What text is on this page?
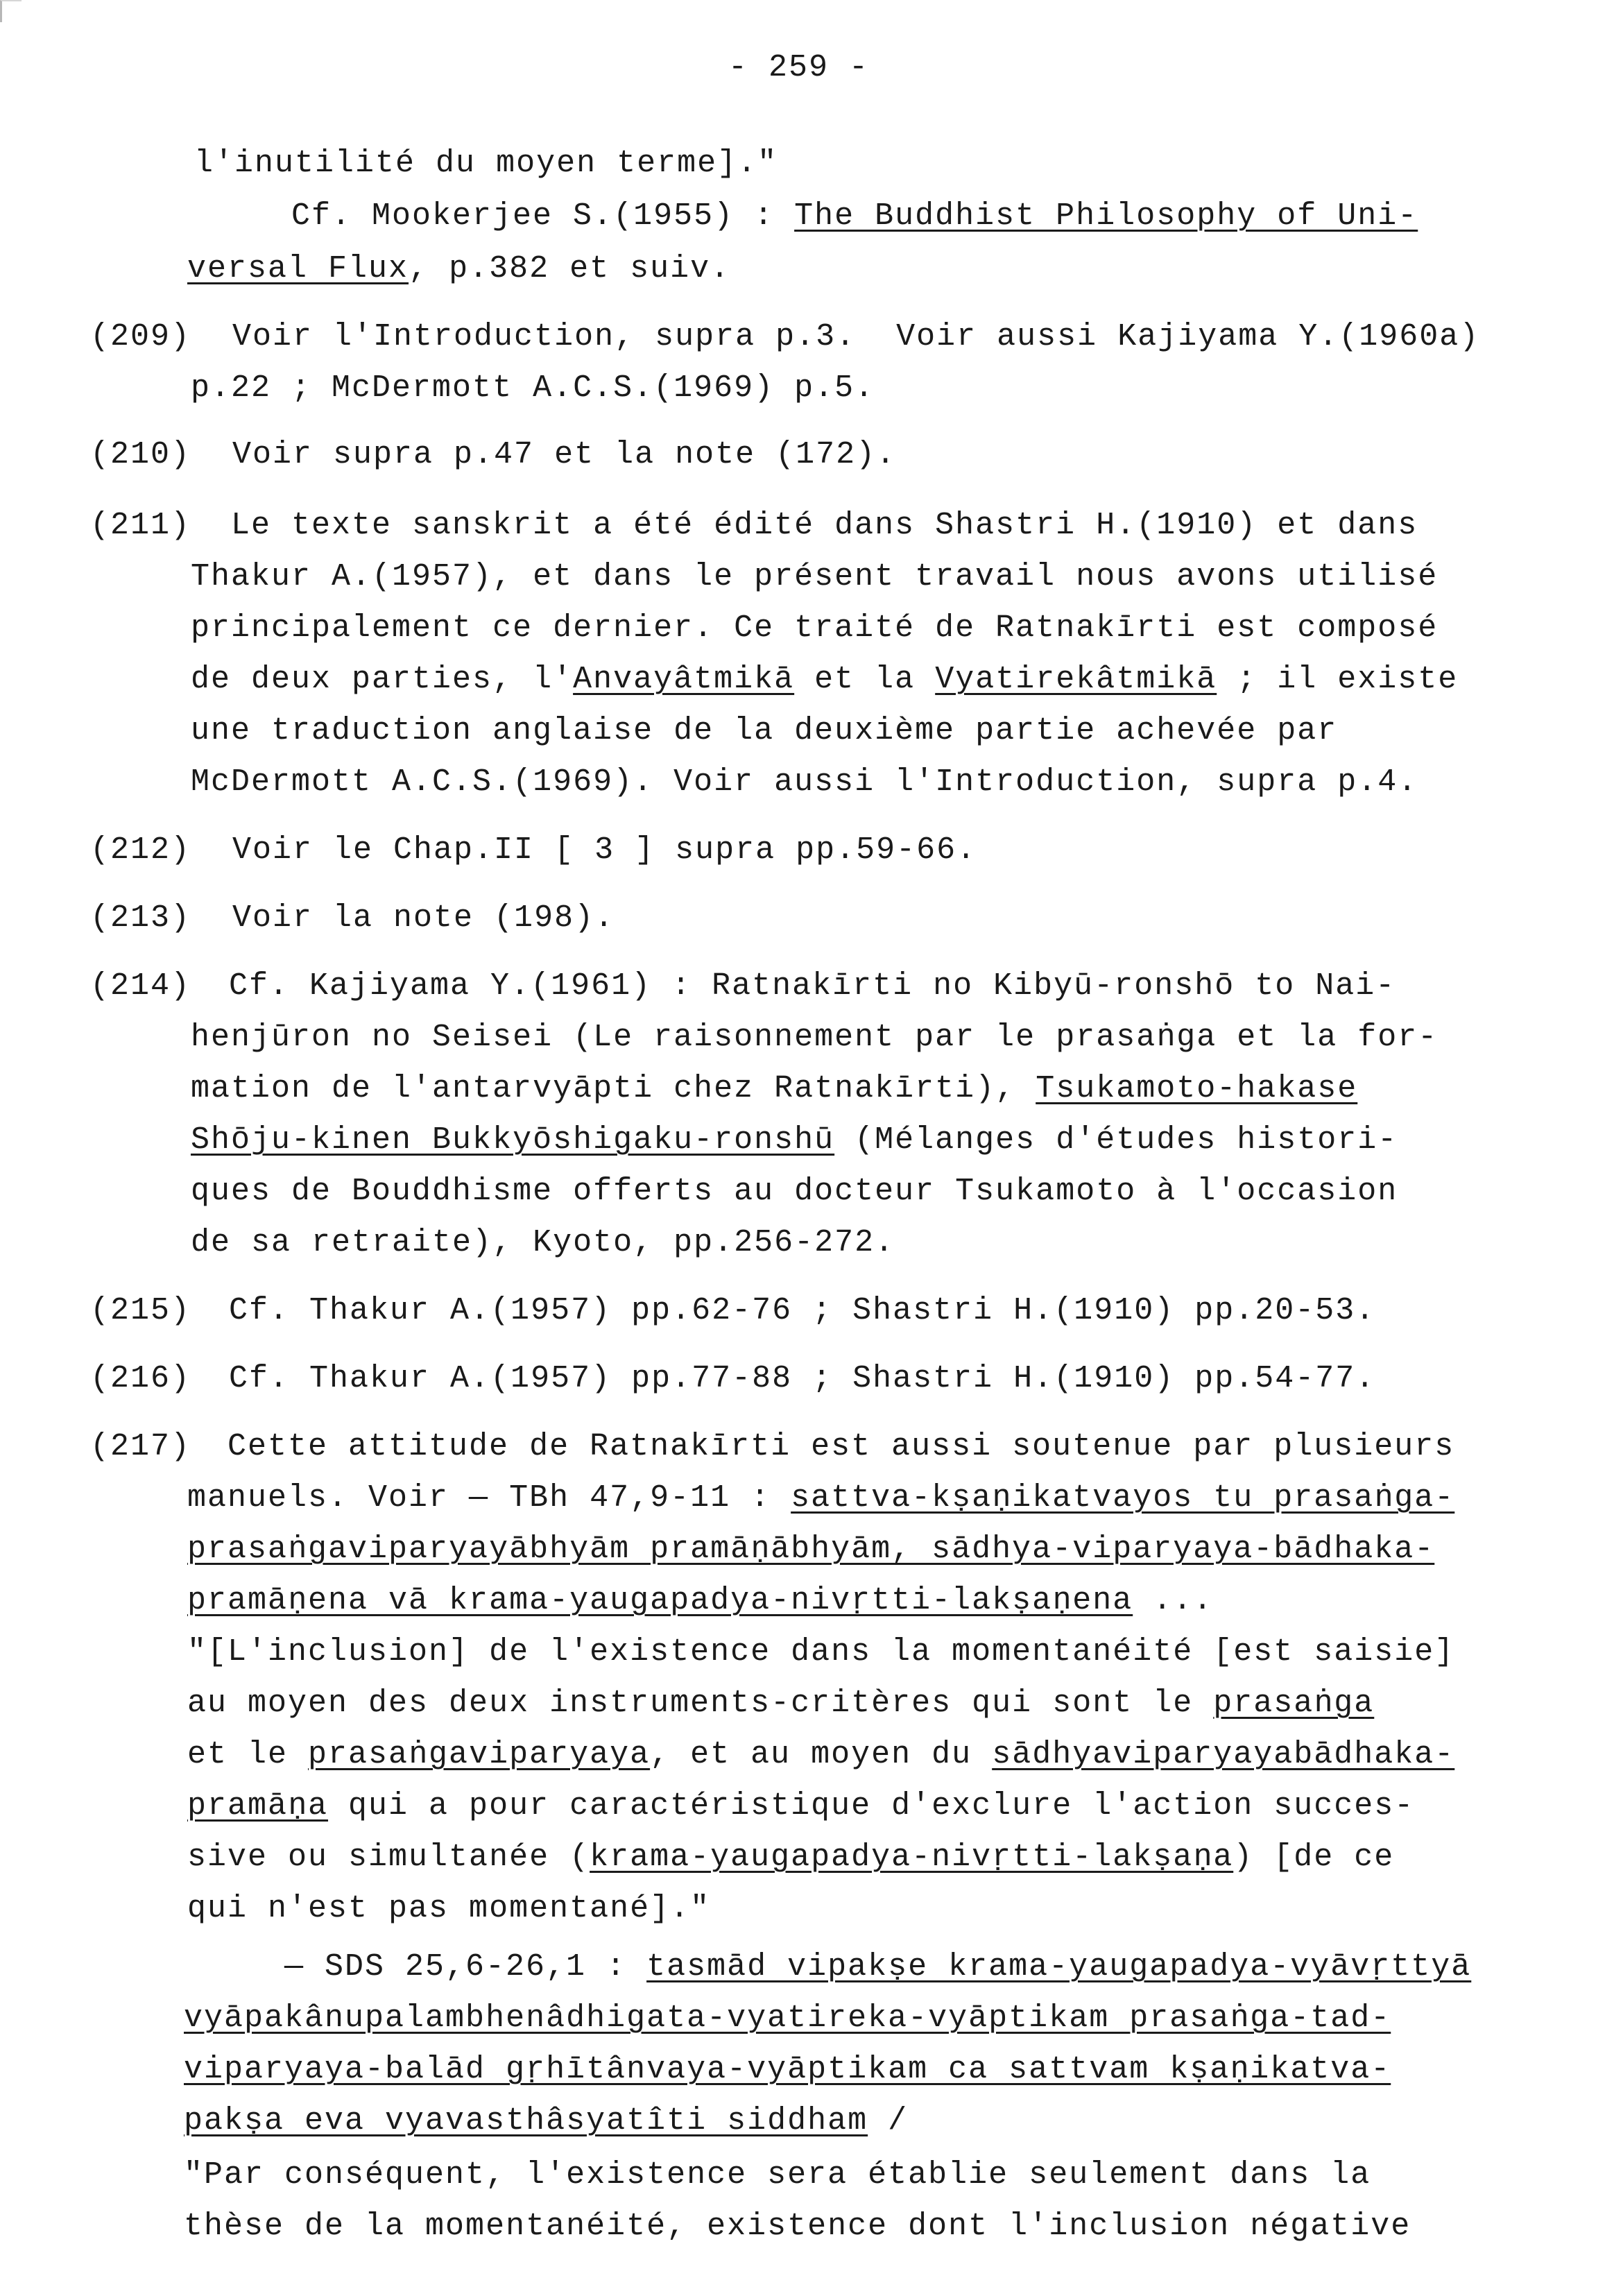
- 259 -
l'inutilité du moyen terme]."
Cf. Mookerjee S.(1955) : The Buddhist Philosophy of Uni-
versal Flux, p.382 et suiv.
(209) Voir l'Introduction, supra p.3.  Voir aussi Kajiyama Y.(1960a)
p.22 ; McDermott A.C.S.(1969) p.5.
(210) Voir supra p.47 et la note (172).
(211) Le texte sanskrit a été édité dans Shastri H.(1910) et dans
Thakur A.(1957), et dans le présent travail nous avons utilisé
principalement ce dernier. Ce traité de Ratnakīrti est composé
de deux parties, l'Anvayâtmikā et la Vyatirekâtmikā ; il existe
une traduction anglaise de la deuxième partie achevée par
McDermott A.C.S.(1969). Voir aussi l'Introduction, supra p.4.
(212) Voir le Chap.II [ 3 ] supra pp.59-66.
(213) Voir la note (198).
(214) Cf. Kajiyama Y.(1961) : Ratnakīrti no Kibyū-ronshō to Nai-
henjūron no Seisei (Le raisonnement par le prasaṅga et la for-
mation de l'antarvyāpti chez Ratnakīrti), Tsukamoto-hakase
Shōju-kinen Bukkyōshigaku-ronshū (Mélanges d'études histori-
ques de Bouddhisme offerts au docteur Tsukamoto à l'occasion
de sa retraite), Kyoto, pp.256-272.
(215) Cf. Thakur A.(1957) pp.62-76 ; Shastri H.(1910) pp.20-53.
(216) Cf. Thakur A.(1957) pp.77-88 ; Shastri H.(1910) pp.54-77.
(217) Cette attitude de Ratnakīrti est aussi soutenue par plusieurs
manuels. Voir — TBh 47,9-11 : sattva-kṣaṇikatvayos tu prasaṅga-
prasaṅgaviparyayābhyām pramāṇābhyām, sādhya-viparyaya-bādhaka-
pramāṇena vā krama-yaugapadya-nivṛtti-lakṣaṇena ...
"[L'inclusion] de l'existence dans la momentanéité [est saisie]
au moyen des deux instruments-critères qui sont le prasaṅga
et le prasaṅgaviparyaya, et au moyen du sādhyaviparyayabādhaka-
pramāṇa qui a pour caractéristique d'exclure l'action succes-
sive ou simultanée (krama-yaugapadya-nivṛtti-lakṣaṇa) [de ce
qui n'est pas momentané]."
— SDS 25,6-26,1 : tasmād vipakṣe krama-yaugapadya-vyāvṛttyā
vyāpakânupalambhenâdhigata-vyatireka-vyāptikam prasaṅga-tad-
viparyaya-balād gṛhītânvaya-vyāptikam ca sattvam kṣaṇikatva-
pakṣa eva vyavasthâsyatîti siddham /
"Par conséquent, l'existence sera établie seulement dans la
thèse de la momentanéité, existence dont l'inclusion négative
